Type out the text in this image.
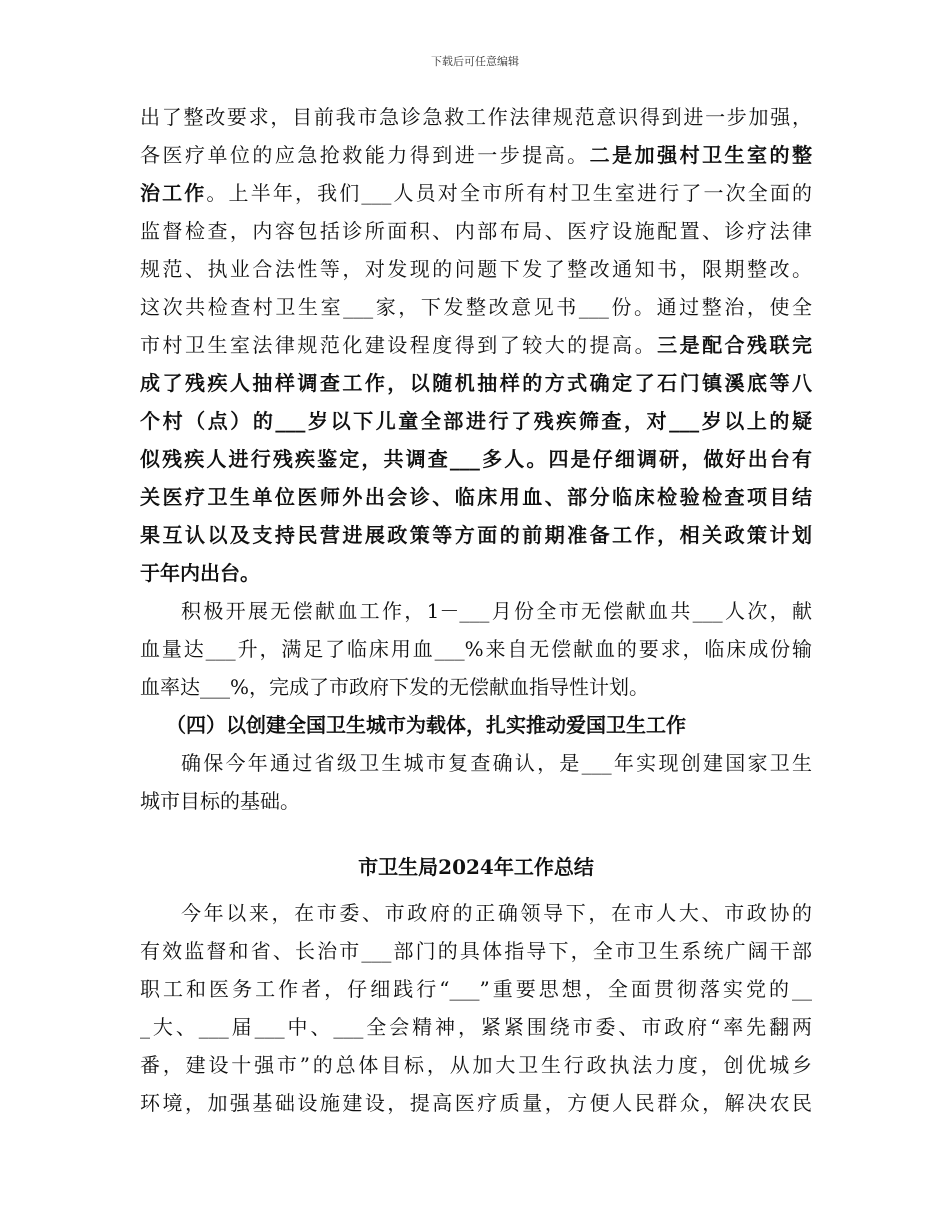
下载后可任意编辑
出了整改要求，目前我市急诊急救工作法律规范意识得到进一步加强，
各医疗单位的应急抢救能力得到进一步提高。二是加强村卫生室的整
治工作。上半年，我们___人员对全市所有村卫生室进行了一次全面的
监督检查，内容包括诊所面积、内部布局、医疗设施配置、诊疗法律
规范、执业合法性等，对发现的问题下发了整改通知书，限期整改。
这次共检查村卫生室___家，下发整改意见书___份。通过整治，使全
市村卫生室法律规范化建设程度得到了较大的提高。三是配合残联完
成了残疾人抽样调查工作，以随机抽样的方式确定了石门镇溪底等八
个村（点）的___岁以下儿童全部进行了残疾筛查，对___岁以上的疑
似残疾人进行残疾鉴定，共调查___多人。四是仔细调研，做好出台有
关医疗卫生单位医师外出会诊、临床用血、部分临床检验检查项目结
果互认以及支持民营进展政策等方面的前期准备工作，相关政策计划
于年内出台。
积极开展无偿献血工作，1－___月份全市无偿献血共___人次，献
血量达___升，满足了临床用血___%来自无偿献血的要求，临床成份输
血率达___%，完成了市政府下发的无偿献血指导性计划。
（四）以创建全国卫生城市为载体，扎实推动爱国卫生工作
确保今年通过省级卫生城市复查确认，是___年实现创建国家卫生
城市目标的基础。
市卫生局2024年工作总结
今年以来，在市委、市政府的正确领导下，在市人大、市政协的
有效监督和省、长治市___部门的具体指导下，全市卫生系统广阔干部
职工和医务工作者，仔细践行“___”重要思想，全面贯彻落实党的__
_大、___届___中、___全会精神，紧紧围绕市委、市政府“率先翻两
番，建设十强市”的总体目标，从加大卫生行政执法力度，创优城乡
环境，加强基础设施建设，提高医疗质量，方便人民群众，解决农民
